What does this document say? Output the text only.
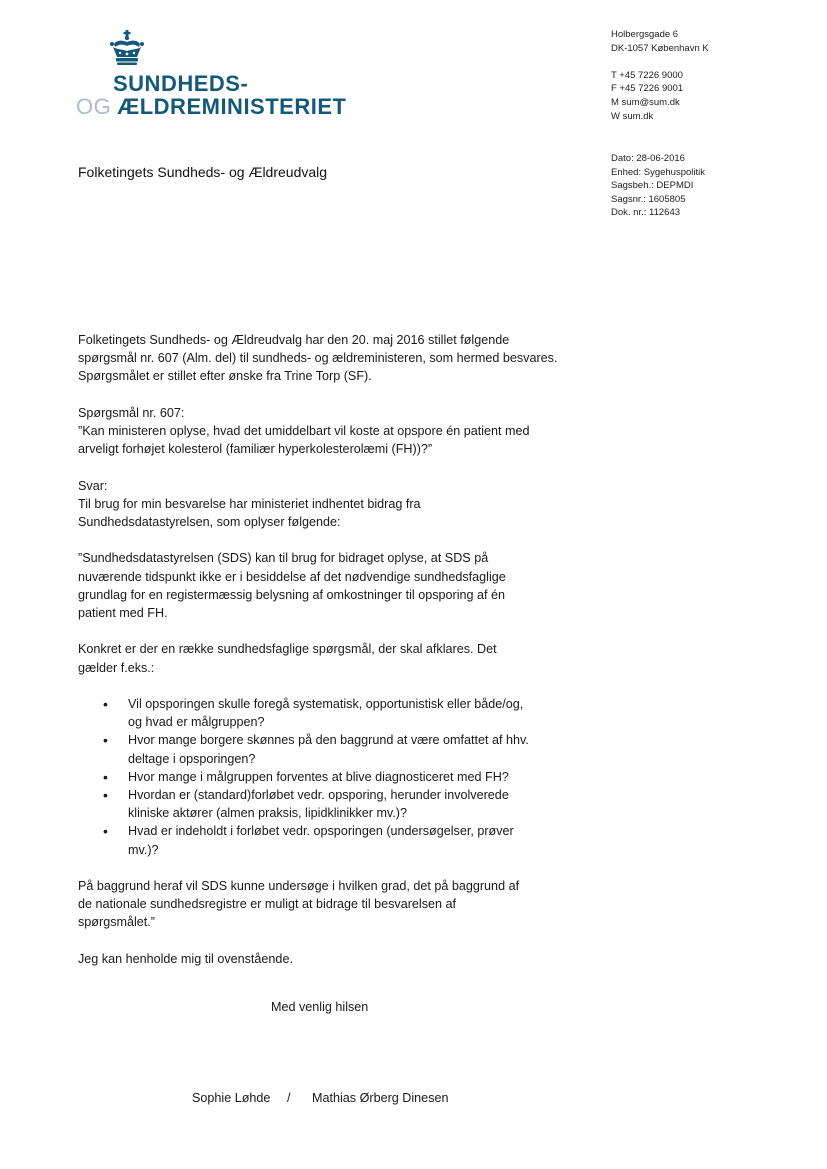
SUNDHEDS-
OG ÆLDREMINISTERIET
Holbergsgade 6
DK-1057 København K
T +45 7226 9000
F +45 7226 9001
M sum@sum.dk
W sum.dk
Dato: 28-06-2016
Enhed: Sygehuspolitik
Sagsbeh.: DEPMDI
Sagsnr.: 1605805
Dok. nr.: 112643
Folketingets Sundheds- og Ældreudvalg

Folketingets Sundheds- og Ældreudvalg har den 20. maj 2016 stillet følgende spørgsmål nr. 607 (Alm. del) til sundheds- og ældreministeren, som hermed besvares. Spørgsmålet er stillet efter ønske fra Trine Torp (SF).

Spørgsmål nr. 607:

”Kan ministeren oplyse, hvad det umiddelbart vil koste at opspore én patient med arveligt forhøjet kolesterol (familiær hyperkolesterolæmi (FH))?”

Svar:

Til brug for min besvarelse har ministeriet indhentet bidrag fra Sundhedsdatastyrelsen, som oplyser følgende:

”Sundhedsdatastyrelsen (SDS) kan til brug for bidraget oplyse, at SDS på nuværende tidspunkt ikke er i besiddelse af det nødvendige sundhedsfaglige grundlag for en registermæssig belysning af omkostninger til opsporing af én patient med FH.

Konkret er der en række sundhedsfaglige spørgsmål, der skal afklares. Det gælder f.eks.:

• Vil opsporingen skulle foregå systematisk, opportunistisk eller både/og, og hvad er målgruppen?
• Hvor mange borgere skønnes på den baggrund at være omfattet af hhv. deltage i opsporingen?
• Hvor mange i målgruppen forventes at blive diagnosticeret med FH?
• Hvordan er (standard)forløbet vedr. opsporing, herunder involverede kliniske aktører (almen praksis, lipidklinikker mv.)?
• Hvad er indeholdt i forløbet vedr. opsporingen (undersøgelser, prøver mv.)?

På baggrund heraf vil SDS kunne undersøge i hvilken grad, det på baggrund af de nationale sundhedsregistre er muligt at bidrage til besvarelsen af spørgsmålet.”

Jeg kan henholde mig til ovenstående.

Med venlig hilsen
Sophie Løhde / Mathias Ørberg Dinesen
